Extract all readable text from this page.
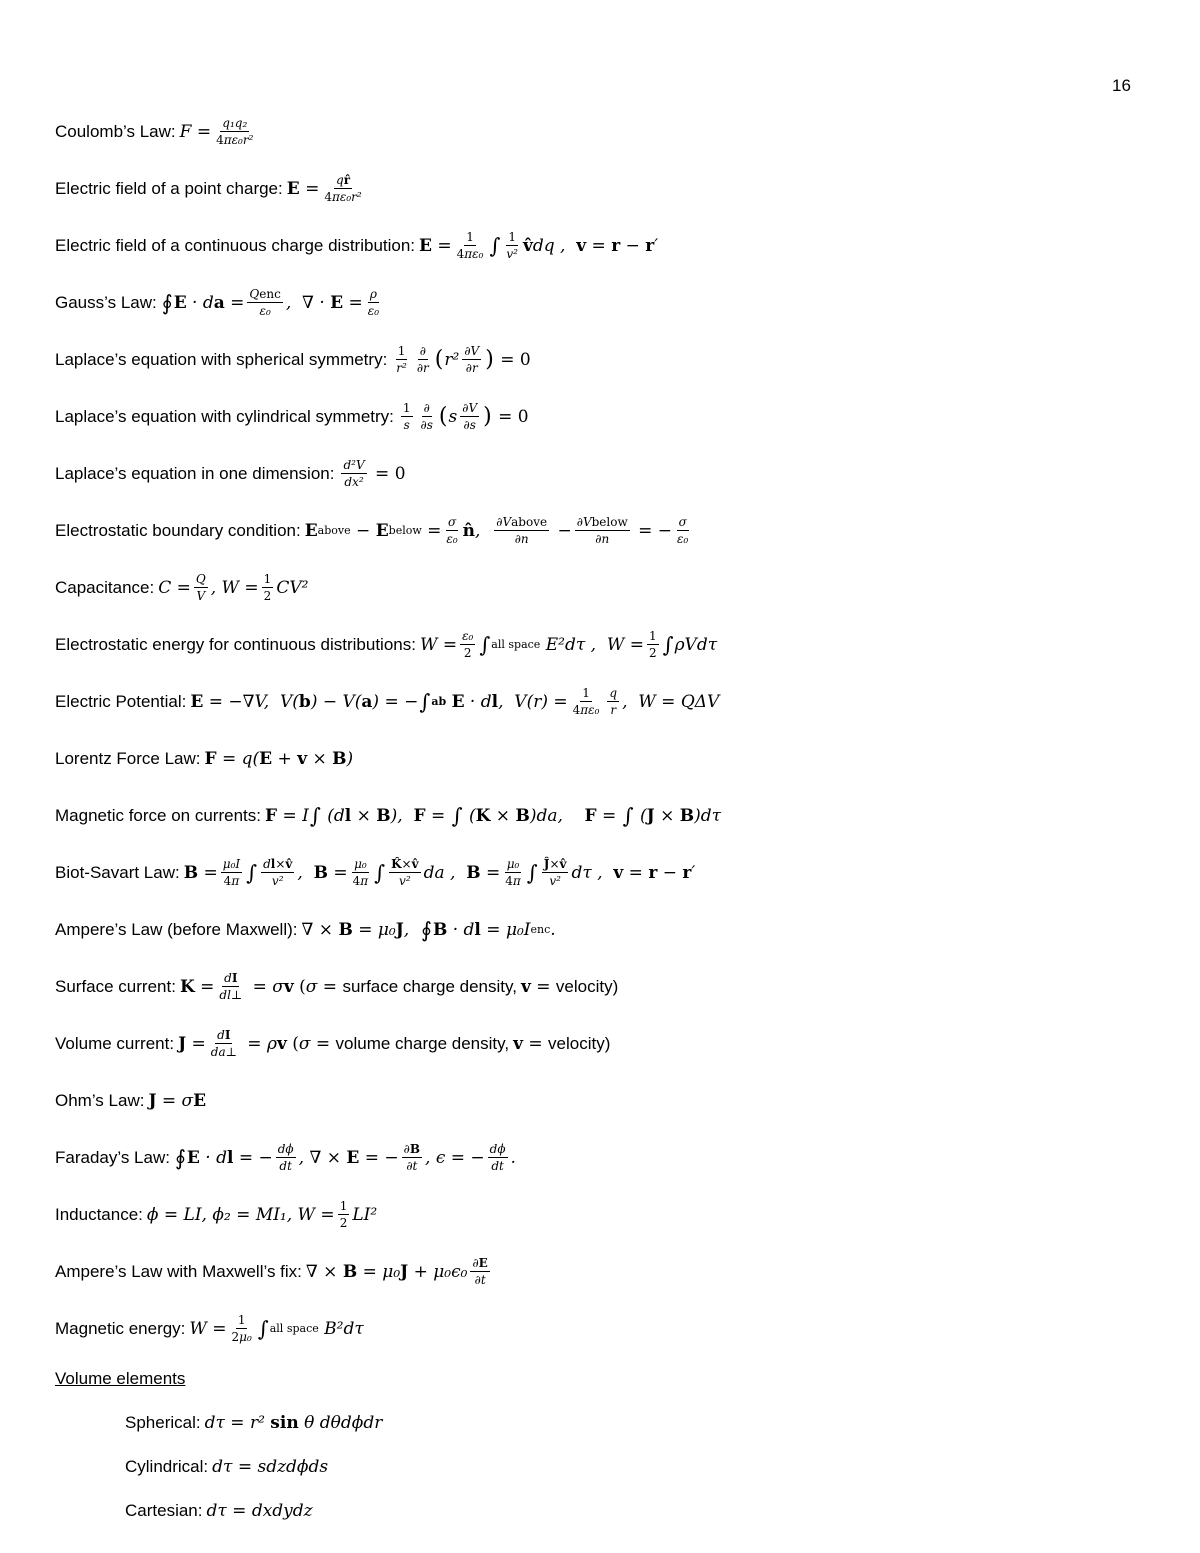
16
Coulomb’s Law:
F = q₁q₂
4πε₀r²
Electric field of a point charge:
E = qr̂
4πε₀r²
Electric field of a continuous charge distribution:
E = 1
4πε₀ ∫ 1
v² v̂ dq , v = r − r ′
Gauss’s Law:
∮ E · d a = Qenc
ε₀ , ∇ · E = ρ
ε₀
Laplace’s equation with spherical symmetry:
1
r²
∂
∂r ( r² ∂V
∂r ) = 0
Laplace’s equation with cylindrical symmetry:
1
s
∂
∂s ( s ∂V
∂s ) = 0
Laplace’s equation in one dimension:
d²V
dx² = 0
Electrostatic boundary condition:
E above − E below = σ
ε₀ n̂ , ∂Vabove
∂n − ∂Vbelow
∂n = − σ
ε₀
Capacitance:
C = Q
V , W = 1
2 CV²
Electrostatic energy for continuous distributions:
W = ε₀
2 ∫ all space E²dτ ,  W = 1
2 ∫ ρVdτ
Electric Potential:
E = − ∇ V,  V( b ) − V( a ) = − ∫ a b
E · d l ,  V(r) = 1
4πε₀
q
r ,  W = QΔV
Lorentz Force Law:
F = q( E + v × B )
Magnetic force on currents:
F = I ∫ (d l × B ), F = ∫ ( K × B )da, F = ∫ ( J × B )dτ
Biot-Savart Law:
B = μ₀I
4π ∫ dl×v̂
v² , B = μ₀
4π ∫ K̂×v̂
v² da , B = μ₀
4π ∫ Ĵ×v̂
v² dτ , v = r − r ′
Ampere’s Law (before Maxwell):
∇ × B = μ₀ J , ∮ B · d l = μ₀I enc .
Surface current:
K = dI
dl⊥ = σ v
( σ = surface charge density,
v = velocity)
Volume current:
J = dI
da⊥ = ρ v
( σ = volume charge density,
v = velocity)
Ohm’s Law:
J = σ E
Faraday’s Law:
∮ E · d l = − dϕ
dt , ∇ × E = − ∂B
∂t , ϵ = − dϕ
dt .
Inductance:
ϕ = LI, ϕ₂ = MI₁, W = 1
2 LI²
Ampere’s Law with Maxwell’s fix:
∇ × B = μ₀ J + μ₀ϵ₀ ∂E
∂t
Magnetic energy:
W = 1
2μ₀ ∫ all space B²dτ
Volume elements
Spherical:
dτ = r² sin θ dθdϕdr
Cylindrical:
dτ = sdzdϕds
Cartesian:
dτ = dxdydz
